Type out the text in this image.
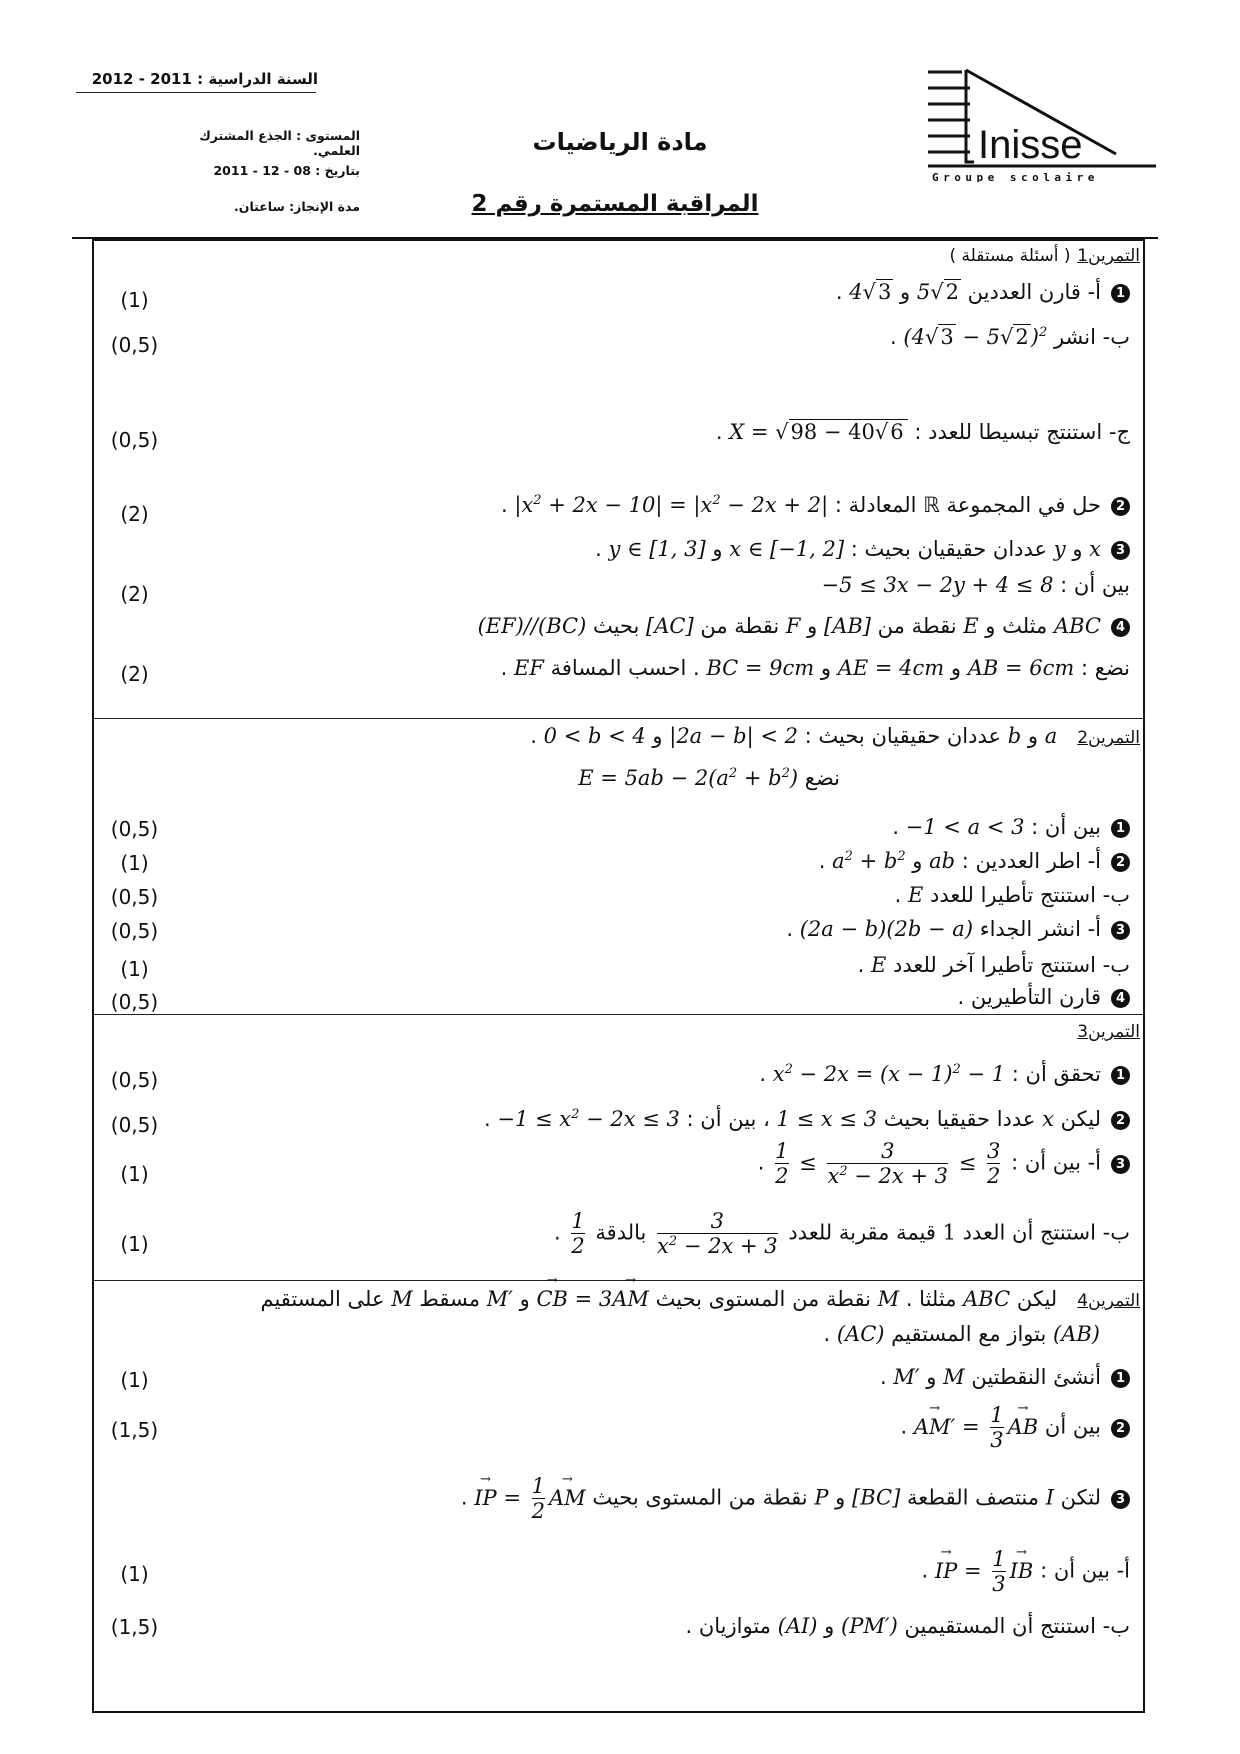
السنة الدراسية : 2011 - 2012
المستوى : الجذع المشترك العلمي.
بتاريخ : 08 - 12 - 2011
مدة الإنجاز: ساعتان.
مادة الرياضيات
المراقبة المستمرة رقم 2
Inisse
Groupe scolaire
التمرين1 ( أسئلة مستقلة )
1أ- قارن العددين 5√2 و 4√3 .
(1)
ب- انشر $(4√3 - 5√2)^2$ .
(0,5)
ج- استنتج تبسيطا للعدد : X = √98 − 40√6 .
(0,5)
2حل في المجموعة ℝ المعادلة : $|x^2 + 2x - 10| = |x^2 - 2x + 2|$ .
(2)
3x و y عددان حقيقيان بحيث : x ∈ [−1, 2] و y ∈ [1, 3] .
بين أن : −5 ≤ 3x − 2y + 4 ≤ 8
(2)
4ABC مثلث و E نقطة من [AB] و F نقطة من [AC] بحيث (EF)//(BC)
نضع : AB = 6cm و AE = 4cm و BC = 9cm . احسب المسافة EF .
(2)
التمرين2   a و b عددان حقيقيان بحيث : |2a − b| < 2 و 0 < b < 4 .
نضع $E = 5ab - 2(a^2 + b^2)$
1بين أن : −1 < a < 3 .
(0,5)
2أ- اطر العددين : ab و $a^2 + b^2$ .
(1)
ب- استنتج تأطيرا للعدد E .
(0,5)
3أ- انشر الجداء (2a − b)(2b − a) .
(0,5)
ب- استنتج تأطيرا آخر للعدد E .
(1)
4قارن التأطيرين .
(0,5)
التمرين3
1تحقق أن : $x^2 - 2x = (x - 1)^2 - 1$ .
(0,5)
2ليكن x عددا حقيقيا بحيث 1 ≤ x ≤ 3 ، بين أن : $-1 \le x^2 - 2x \le 3$ .
(0,5)
3أ- بين أن :
$\frac{1}{2} \le \frac{3}{x^2 - 2x + 3} \le \frac{3}{2}$
.
(1)
ب- استنتج أن العدد 1 قيمة مقربة للعدد
$\frac{3}{x^2 - 2x + 3}$
بالدقة
$\frac{1}{2}$
.
(1)
التمرين4   ليكن ABC مثلثا . M نقطة من المستوى بحيث → CB = 3→ AM و M′ مسقط M على المستقيم
(AB) بتواز مع المستقيم (AC) .
1أنشئ النقطتين M و M′ .
(1)
2بين أن → $AM' = \frac{1}{3}$ → AB .
(1,5)
3لتكن I منتصف القطعة [BC] و P نقطة من المستوى بحيث → IP = $\frac{1}{2}$ → AM .
أ- بين أن : → IP = $\frac{1}{3}$ → IB .
(1)
ب- استنتج أن المستقيمين (PM′) و (AI) متوازيان .
(1,5)
